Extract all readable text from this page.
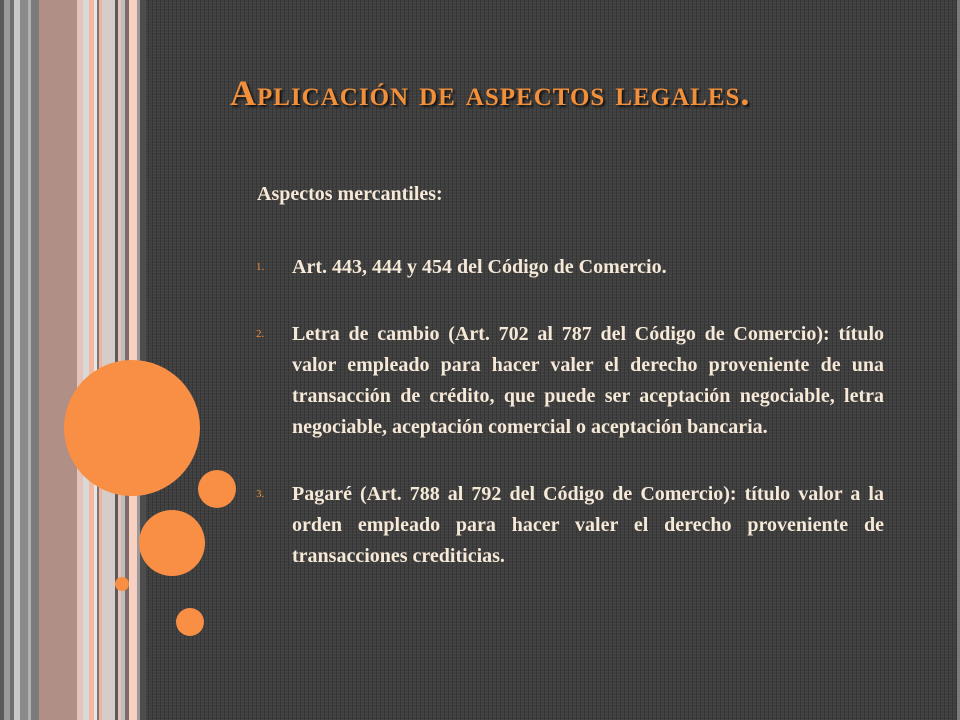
Aplicación de aspectos legales.

Aspectos mercantiles:

1. Art. 443, 444 y 454 del Código de Comercio.
2. Letra de cambio (Art. 702 al 787 del Código de Comercio): título valor empleado para hacer valer el derecho proveniente de una transacción de crédito, que puede ser aceptación negociable, letra negociable, aceptación comercial o aceptación bancaria.
3. Pagaré (Art. 788 al 792 del Código de Comercio): título valor a la orden empleado para hacer valer el derecho proveniente de transacciones crediticias.
